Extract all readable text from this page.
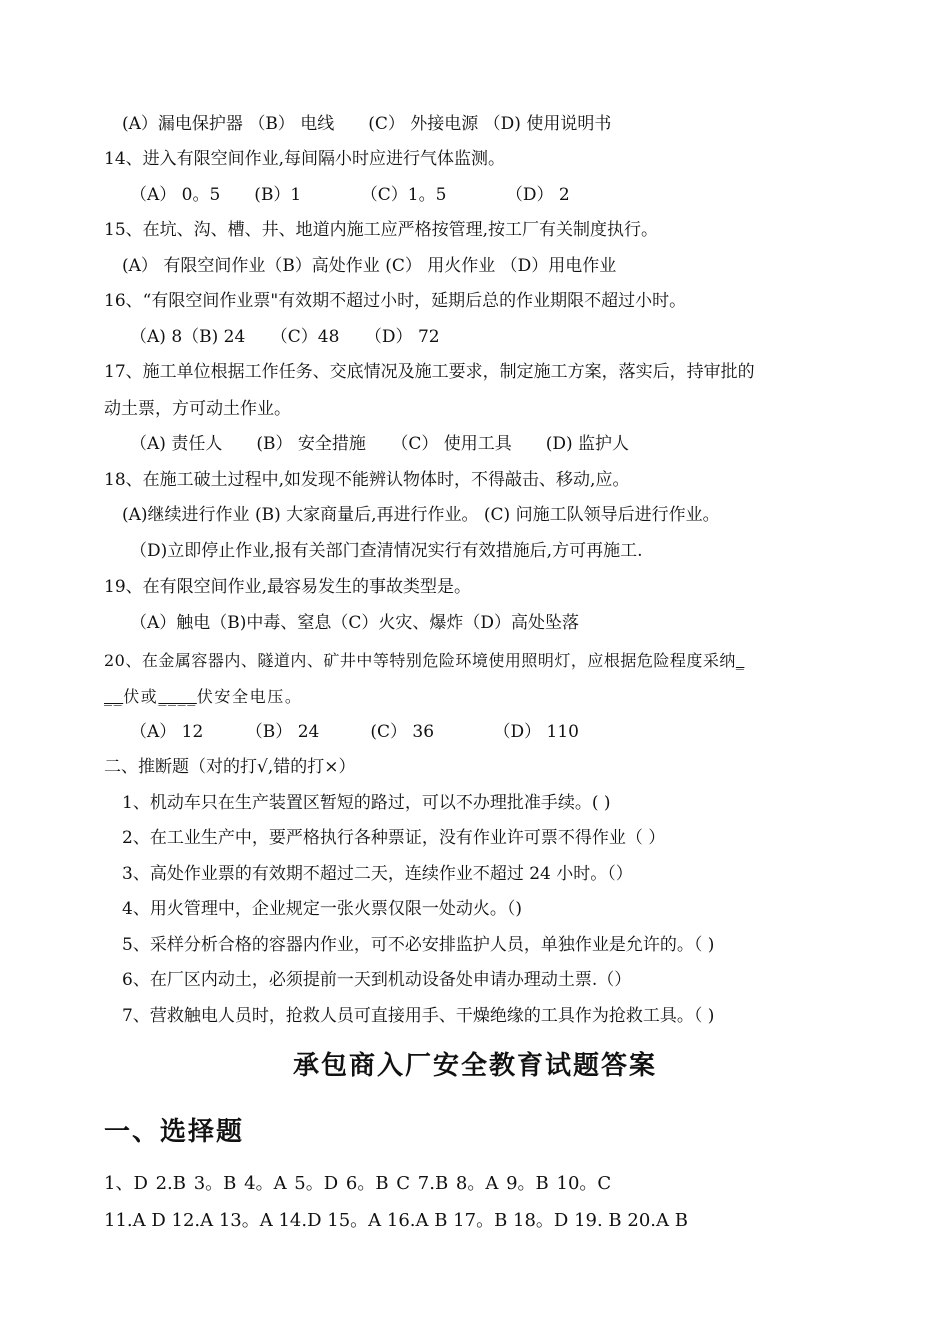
(A）漏电保护器 （B） 电线　　(C） 外接电源 （D) 使用说明书
14、进入有限空间作业,每间隔小时应进行气体监测。
（A） 0。5　　(B）1　　　　（C）1。5　　　　（D） 2
15、在坑、沟、槽、井、地道内施工应严格按管理,按工厂有关制度执行。
(A） 有限空间作业（B）高处作业 (C） 用火作业 （D）用电作业
16、“有限空间作业票"有效期不超过小时，延期后总的作业期限不超过小时。
（A) 8（B) 24　　（C）48　　（D） 72
17、施工单位根据工作任务、交底情况及施工要求，制定施工方案，落实后，持审批的
动土票，方可动土作业。
（A) 责任人　　(B） 安全措施　　（C） 使用工具　　(D) 监护人
18、在施工破土过程中,如发现不能辨认物体时，不得敲击、移动,应。
(A)继续进行作业 (B) 大家商量后,再进行作业。 (C) 问施工队领导后进行作业。
（D)立即停止作业,报有关部门查清情况实行有效措施后,方可再施工.
19、在有限空间作业,最容易发生的事故类型是。
（A）触电（B)中毒、窒息（C）火灾、爆炸（D）高处坠落
20、在金属容器内、隧道内、矿井中等特别危险环境使用照明灯，应根据危险程度采纳_
__伏或____伏安全电压。
（A） 12　　　（B） 24　　　(C） 36　　　　（D） 110
二、推断题（对的打√,错的打×）
1、机动车只在生产装置区暂短的路过，可以不办理批准手续。( )
2、在工业生产中，要严格执行各种票证，没有作业许可票不得作业（ ）
3、高处作业票的有效期不超过二天，连续作业不超过 24 小时。（）
4、用火管理中，企业规定一张火票仅限一处动火。（)
5、采样分析合格的容器内作业，可不必安排监护人员，单独作业是允许的。（ )
6、在厂区内动土，必须提前一天到机动设备处申请办理动土票.（）
7、营救触电人员时，抢救人员可直接用手、干燥绝缘的工具作为抢救工具。（ )
承包商入厂安全教育试题答案
一、选择题
1、D 2.B 3。B 4。A 5。D 6。B C 7.B 8。A 9。B 10。C
11.A D 12.A 13。A 14.D 15。A 16.A B 17。B 18。D 19. B 20.A B
